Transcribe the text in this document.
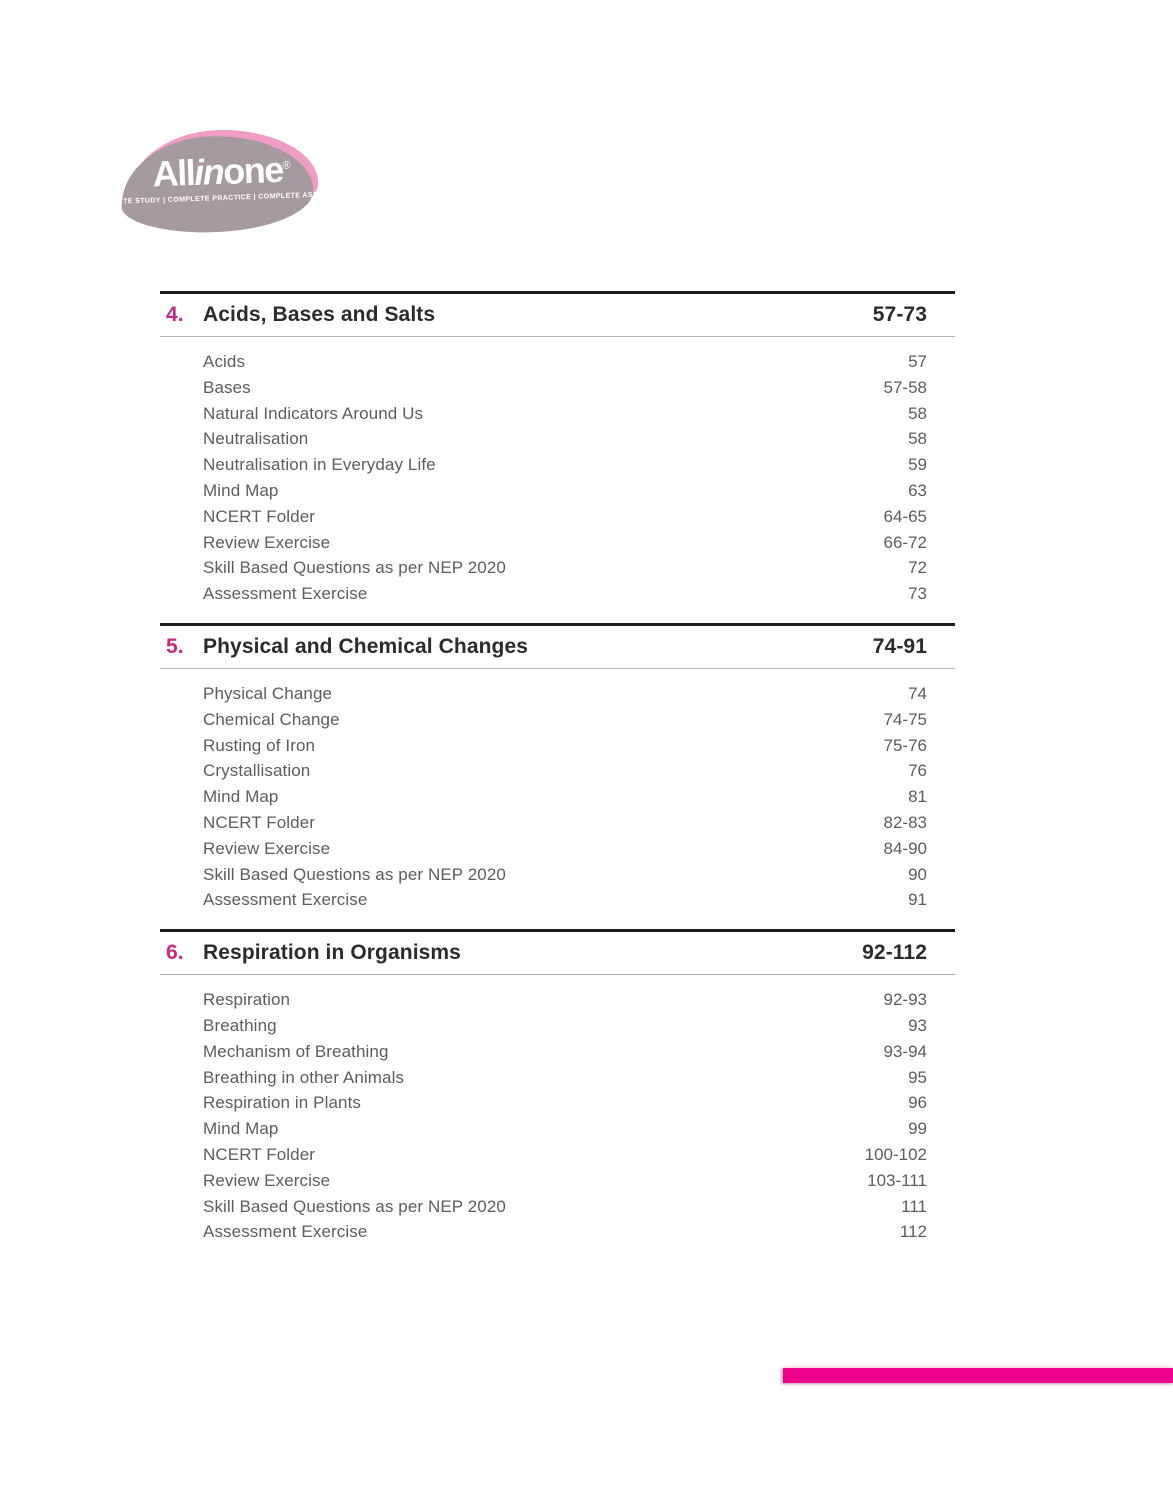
Allinone®
COMPLETE STUDY | COMPLETE PRACTICE | COMPLETE ASSESSMENT
4. Acids, Bases and Salts	57-73
Acids	57
Bases	57-58
Natural Indicators Around Us	58
Neutralisation	58
Neutralisation in Everyday Life	59
Mind Map	63
NCERT Folder	64-65
Review Exercise	66-72
Skill Based Questions as per NEP 2020	72
Assessment Exercise	73
5. Physical and Chemical Changes	74-91
Physical Change	74
Chemical Change	74-75
Rusting of Iron	75-76
Crystallisation	76
Mind Map	81
NCERT Folder	82-83
Review Exercise	84-90
Skill Based Questions as per NEP 2020	90
Assessment Exercise	91
6. Respiration in Organisms	92-112
Respiration	92-93
Breathing	93
Mechanism of Breathing	93-94
Breathing in other Animals	95
Respiration in Plants	96
Mind Map	99
NCERT Folder	100-102
Review Exercise	103-111
Skill Based Questions as per NEP 2020	111
Assessment Exercise	112
